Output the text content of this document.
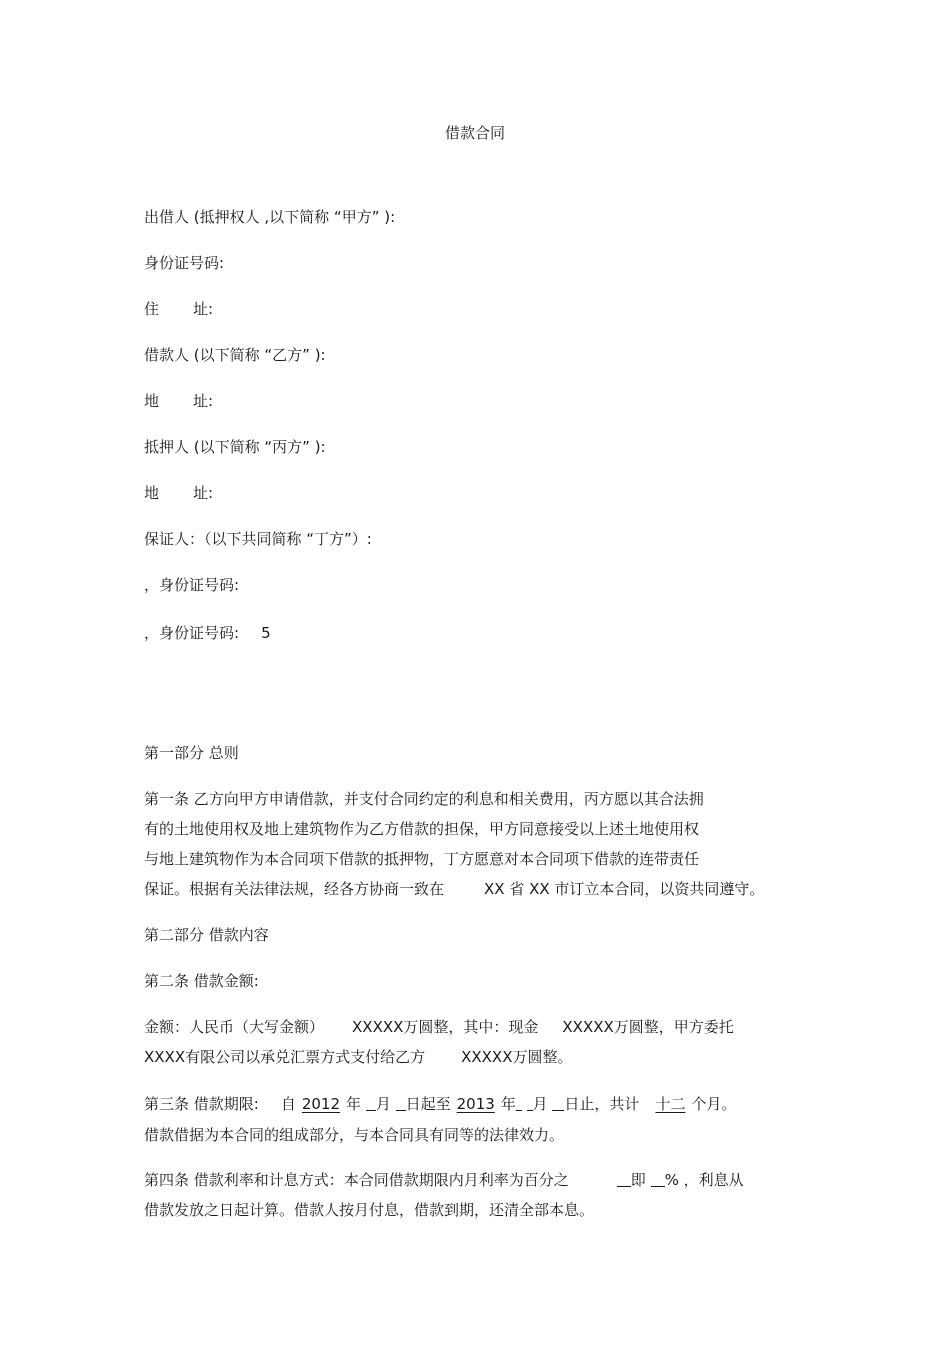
借款合同
出借人 (抵押权人 ,以下简称 “甲方” ):
身份证号码:
住 址:
借款人 (以下简称 “乙方” ):
地 址:
抵押人 (以下简称 “丙方” ):
地 址:
保证人：（以下共同简称 “丁方”）:
，身份证号码:
，身份证号码: 5
第一部分 总则
第一条 乙方向甲方申请借款，并支付合同约定的利息和相关费用，丙方愿以其合法拥
有的土地使用权及地上建筑物作为乙方借款的担保，甲方同意接受以上述土地使用权
与地上建筑物作为本合同项下借款的抵押物，丁方愿意对本合同项下借款的连带责任
保证。根据有关法律法规，经各方协商一致在	XX 省 XX 市订立本合同，以资共同遵守。
第二部分 借款内容
第二条 借款金额:
金额：人民币（大写金额） XXXXX万圆整，其中：现金 XXXXX万圆整，甲方委托
XXXX有限公司以承兑汇票方式支付给乙方 XXXXX万圆整。
第三条 借款期限: 自 2012 年 月 日起至 2013 年 月 日止，共计 十二 个月。
借款借据为本合同的组成部分，与本合同具有同等的法律效力。
第四条 借款利率和计息方式：本合同借款期限内月利率为百分之	即 % ，利息从
借款发放之日起计算。借款人按月付息，借款到期，还清全部本息。
